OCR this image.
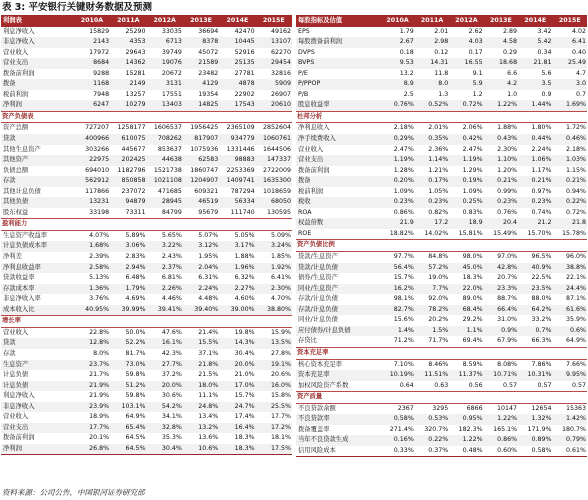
表 3: 平安银行关键财务数据及预测
利润表	2010A	2011A	2012A	2013E	2014E	2015E
利息净收入	15829	25290	33035	36694	42470	49162
非息净收入	2143	4353	6713	8378	10445	13107
营业收入	17972	29643	39749	45072	52916	62270
营业支出	8684	14362	19076	21589	25135	29454
拨备前利润	9288	15281	20672	23482	27781	32816
拨备	1168	2149	3131	4129	4878	5909
税前利润	7948	13257	17551	19354	22902	26907
净利润	6247	10279	13403	14825	17543	20610
资产负债表						
资产总额	727207	1258177	1606537	1956425	2365109	2852604
贷款	400966	610075	708262	817907	934779	1060761
其他生息资产	303266	445677	853637	1075936	1331446	1644506
其他资产	22975	202425	44638	62583	98883	147337
负债总额	694010	1182796	1521738	1860747	2253369	2722009
存款	562912	850858	1021108	1204907	1409741	1635300
其他计息负债	117866	237072	471685	609321	787294	1018659
其他负债	13231	94879	28945	46519	56334	68050
股东权益	33198	73311	84799	95679	111740	130595
盈利能力						
生息资产收益率	4.07%	5.89%	5.65%	5.07%	5.05%	5.09%
计息负债成本率	1.68%	3.06%	3.22%	3.12%	3.17%	3.24%
净利差	2.39%	2.83%	2.43%	1.95%	1.88%	1.85%
净利息收益率	2.58%	2.94%	2.37%	2.04%	1.96%	1.92%
贷款收益率	5.13%	6.48%	6.81%	6.31%	6.32%	6.41%
存款成本率	1.36%	1.79%	2.26%	2.24%	2.27%	2.30%
非息净收入率	3.76%	4.69%	4.46%	4.48%	4.60%	4.70%
成本收入比	40.95%	39.99%	39.41%	39.40%	39.00%	38.80%
增长率						
营业收入	22.8%	50.0%	47.6%	21.4%	19.8%	15.9%
贷款	12.8%	52.2%	16.1%	15.5%	14.3%	13.5%
存款	8.0%	81.7%	42.3%	37.1%	30.4%	27.8%
生息资产	23.7%	73.0%	27.7%	21.8%	20.0%	19.1%
计息负债	21.7%	59.8%	37.2%	21.5%	21.0%	20.6%
计息负债	21.9%	51.2%	20.0%	18.0%	17.0%	16.0%
利息净收入	21.9%	59.8%	30.6%	11.1%	15.7%	15.8%
非息净收入	23.9%	103.1%	54.2%	24.8%	24.7%	25.5%
营业收入	18.9%	64.9%	34.1%	13.4%	17.4%	17.7%
营业支出	17.7%	65.4%	32.8%	13.2%	16.4%	17.2%
拨备前利润	20.1%	64.5%	35.3%	13.6%	18.3%	18.1%
净利润	26.8%	64.5%	30.4%	10.6%	18.3%	17.5%
每股指标及估值	2010A	2011A	2012A	2013E	2014E	2015E
EPS	1.79	2.01	2.62	2.89	3.42	4.02
每股拨备前利润	2.67	2.98	4.03	4.58	5.42	6.41
DVPS	0.18	0.12	0.17	0.29	0.34	0.40
BVPS	9.53	14.31	16.55	18.68	21.81	25.49
P/E	13.2	11.8	9.1	6.6	5.6	4.7
P/PPOP	8.9	8.0	5.9	4.2	3.5	3.0
P/B	2.5	1.3	1.2	1.0	0.9	0.7
股息收益率	0.76%	0.52%	0.72%	1.22%	1.44%	1.69%
杜邦分析						
净利息收入	2.18%	2.01%	2.06%	1.88%	1.80%	1.72%
净手续费收入	0.29%	0.35%	0.42%	0.43%	0.44%	0.46%
营业收入	2.47%	2.36%	2.47%	2.30%	2.24%	2.18%
营业支出	1.19%	1.14%	1.19%	1.10%	1.06%	1.03%
拨备前利润	1.28%	1.21%	1.29%	1.20%	1.17%	1.15%
拨备	0.20%	0.17%	0.19%	0.21%	0.21%	0.21%
税前利润	1.09%	1.05%	1.09%	0.99%	0.97%	0.94%
税收	0.23%	0.23%	0.25%	0.23%	0.23%	0.22%
ROA	0.86%	0.82%	0.83%	0.76%	0.74%	0.72%
权益倍数	21.9	17.2	18.9	20.4	21.2	21.8
ROE	18.82%	14.02%	15.81%	15.49%	15.70%	15.78%
资产负债比例						
贷款/生息资产	97.7%	84.8%	98.0%	97.0%	96.5%	96.0%
贷款/计息负债	56.4%	57.2%	45.0%	42.8%	40.9%	38.8%
债券/生息资产	15.7%	19.0%	18.3%	20.7%	22.5%	22.1%
同业/生息资产	16.2%	7.7%	22.0%	23.3%	23.5%	24.4%
存款/计息负债	98.1%	92.0%	89.0%	88.7%	88.0%	87.1%
存款/计息负债	82.7%	78.2%	68.4%	66.4%	64.2%	61.6%
同业/计息负债	15.6%	20.2%	29.2%	31.0%	33.2%	35.9%
应付债券/计息负债	1.4%	1.5%	1.1%	0.9%	0.7%	0.6%
存贷比	71.2%	71.7%	69.4%	67.9%	66.3%	64.9%
资本充足率						
核心资本充足率	7.10%	8.46%	8.59%	8.08%	7.86%	7.66%
资本充足率	10.19%	11.51%	11.37%	10.71%	10.31%	9.95%
加权风险资产系数	0.64	0.63	0.56	0.57	0.57	0.57
资产质量						
不良贷款余额	2367	3295	6866	10147	12654	15363
不良贷款率	0.58%	0.53%	0.95%	1.22%	1.32%	1.42%
拨备覆盖率	271.4%	320.7%	182.3%	165.1%	171.9%	180.7%
当年不良贷款生成	0.16%	0.22%	1.22%	0.86%	0.89%	0.79%
信用风险成本	0.33%	0.37%	0.48%	0.60%	0.58%	0.61%
资料来源：公司公告，中国银河证券研究部
